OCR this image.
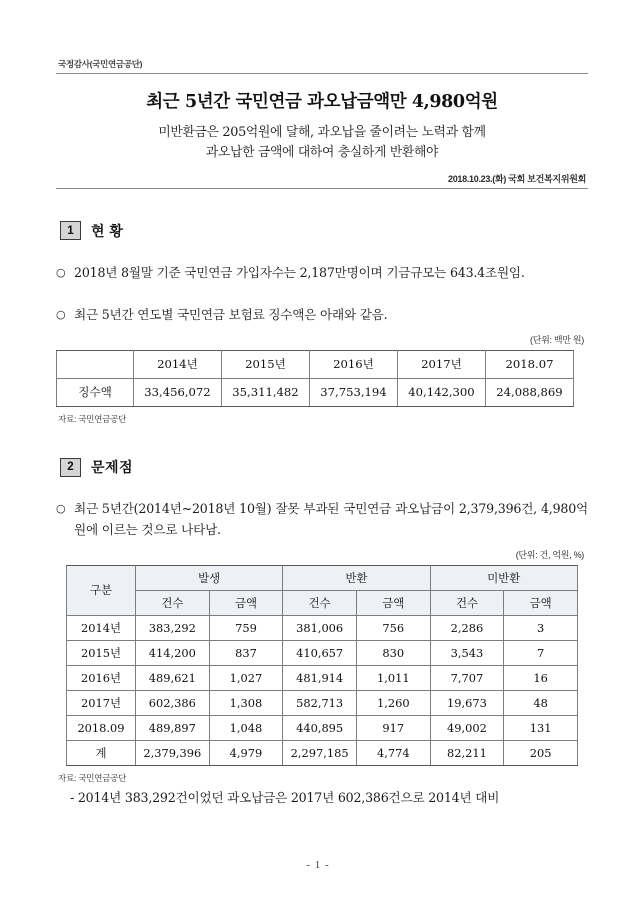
국정감사(국민연금공단)
최근 5년간 국민연금 과오납금액만 4,980억원
미반환금은 205억원에 달해, 과오납을 줄이려는 노력과 함께
과오납한 금액에 대하여 충실하게 반환해야
2018.10.23.(화) 국회 보건복지위원회
1	현 황
○ 2018년 8월말 기준 국민연금 가입자수는 2,187만명이며 기금규모는 643.4조원임.
○ 최근 5년간 연도별 국민연금 보험료 징수액은 아래와 같음.
(단위: 백만 원)
	2014년	2015년	2016년	2017년	2018.07
징수액	33,456,072	35,311,482	37,753,194	40,142,300	24,088,869
자료: 국민연금공단
2	문제점
○ 최근 5년간(2014년~2018년 10월) 잘못 부과된 국민연금 과오납금이 2,379,396건, 4,980억원에 이르는 것으로 나타남.
(단위: 건, 억원, %)
구분	발생		반환		미반환	
	건수	금액	건수	금액	건수	금액
2014년	383,292	759	381,006	756	2,286	3
2015년	414,200	837	410,657	830	3,543	7
2016년	489,621	1,027	481,914	1,011	7,707	16
2017년	602,386	1,308	582,713	1,260	19,673	48
2018.09	489,897	1,048	440,895	917	49,002	131
계	2,379,396	4,979	2,297,185	4,774	82,211	205
자료: 국민연금공단
- 2014년 383,292건이었던 과오납금은 2017년 602,386건으로 2014년 대비
- 1 -
